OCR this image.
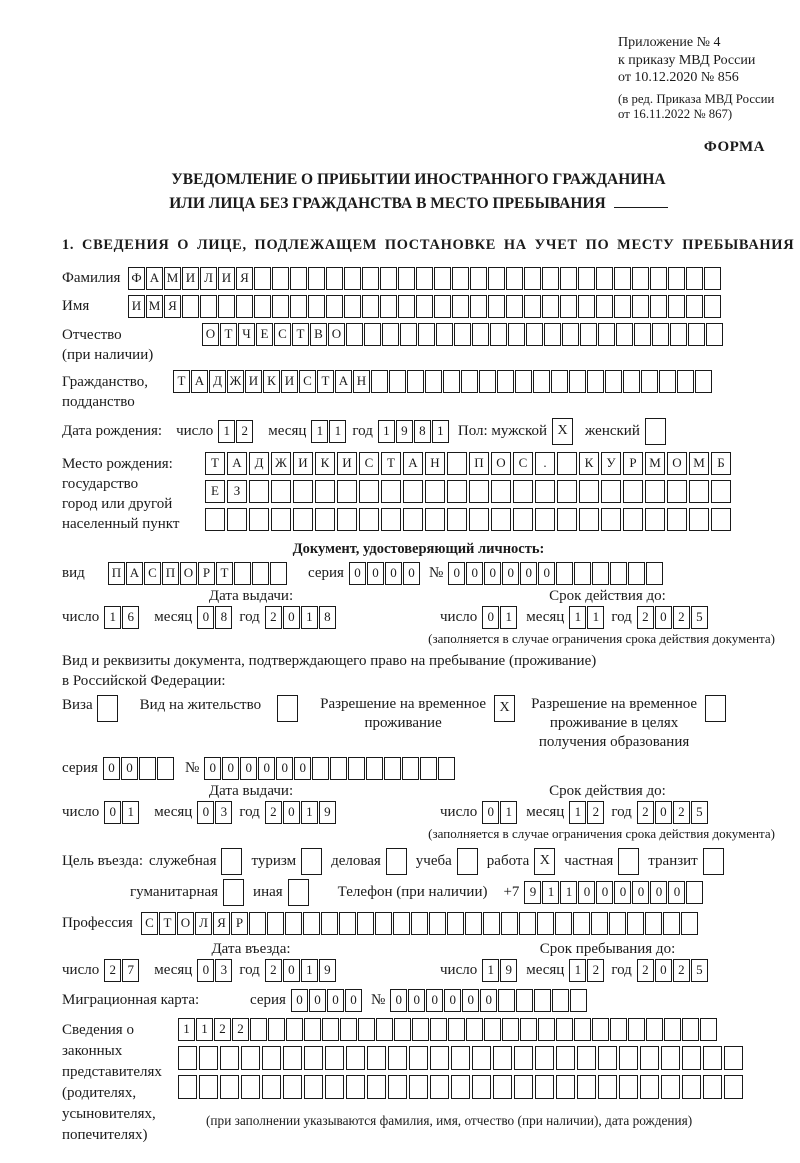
Приложение № 4
к приказу МВД России
от 10.12.2020 № 856
(в ред. Приказа МВД России
от 16.11.2022 № 867)
ФОРМА
УВЕДОМЛЕНИЕ О ПРИБЫТИИ ИНОСТРАННОГО ГРАЖДАНИНА
ИЛИ ЛИЦА БЕЗ ГРАЖДАНСТВА В МЕСТО ПРЕБЫВАНИЯ
1. СВЕДЕНИЯ О ЛИЦЕ, ПОДЛЕЖАЩЕМ ПОСТАНОВКЕ НА УЧЕТ ПО МЕСТУ ПРЕБЫВАНИЯ
Фамилия Ф А М И Л И Я
Имя	И М Я
Отчество
(при наличии)
О Т Ч Е С Т В О
Гражданство,
подданство
Т А Д Ж И К И С Т А Н
Дата рождения: число 1 2	месяц 1 1 год 1 9 8 1 Пол: мужской X	женский
Место рождения:
государство
город или другой
населенный пункт
Т	А Д Ж И К И С	Т	А Н	П О С	.	К	У	Р М О М Б
Е	З
Документ, удостоверяющий личность:
вид	П А С П О Р Т	серия 0 0 0 0 № 0 0 0 0 0 0
Дата выдачи:	Срок действия до:
число 1 6	месяц 0 8 год 2 0 1 8	число 0 1 месяц 1 1 год 2 0 2 5
(заполняется в случае ограничения срока действия документа)
Вид и реквизиты документа, подтверждающего право на пребывание (проживание)
в Российской Федерации:
Виза	Вид на жительство	Разрешение на временное
проживание
X	Разрешение на временное
проживание в целях
получения образования
серия 0 0	№ 0 0 0 0 0 0
Дата выдачи:	Срок действия до:
число 0 1	месяц 0 3 год 2 0 1 9	число 0 1 месяц 1 2 год 2 0 2 5
(заполняется в случае ограничения срока действия документа)
Цель въезда: служебная туризм деловая учеба работа X частная транзит
гуманитарная иная	Телефон (при наличии) +7 9 1 1 0 0 0 0 0 0
Профессия С Т О Л Я Р
Дата въезда:	Срок пребывания до:
число 2 7	месяц 0 3 год 2 0 1 9	число 1 9 месяц 1 2 год 2 0 2 5
Миграционная карта:	серия 0 0 0 0 № 0 0 0 0 0 0
Сведения о
законных
представителях
(родителях,
усыновителях,
попечителях)
1 1 2 2
(при заполнении указываются фамилия, имя, отчество (при наличии), дата рождения)
